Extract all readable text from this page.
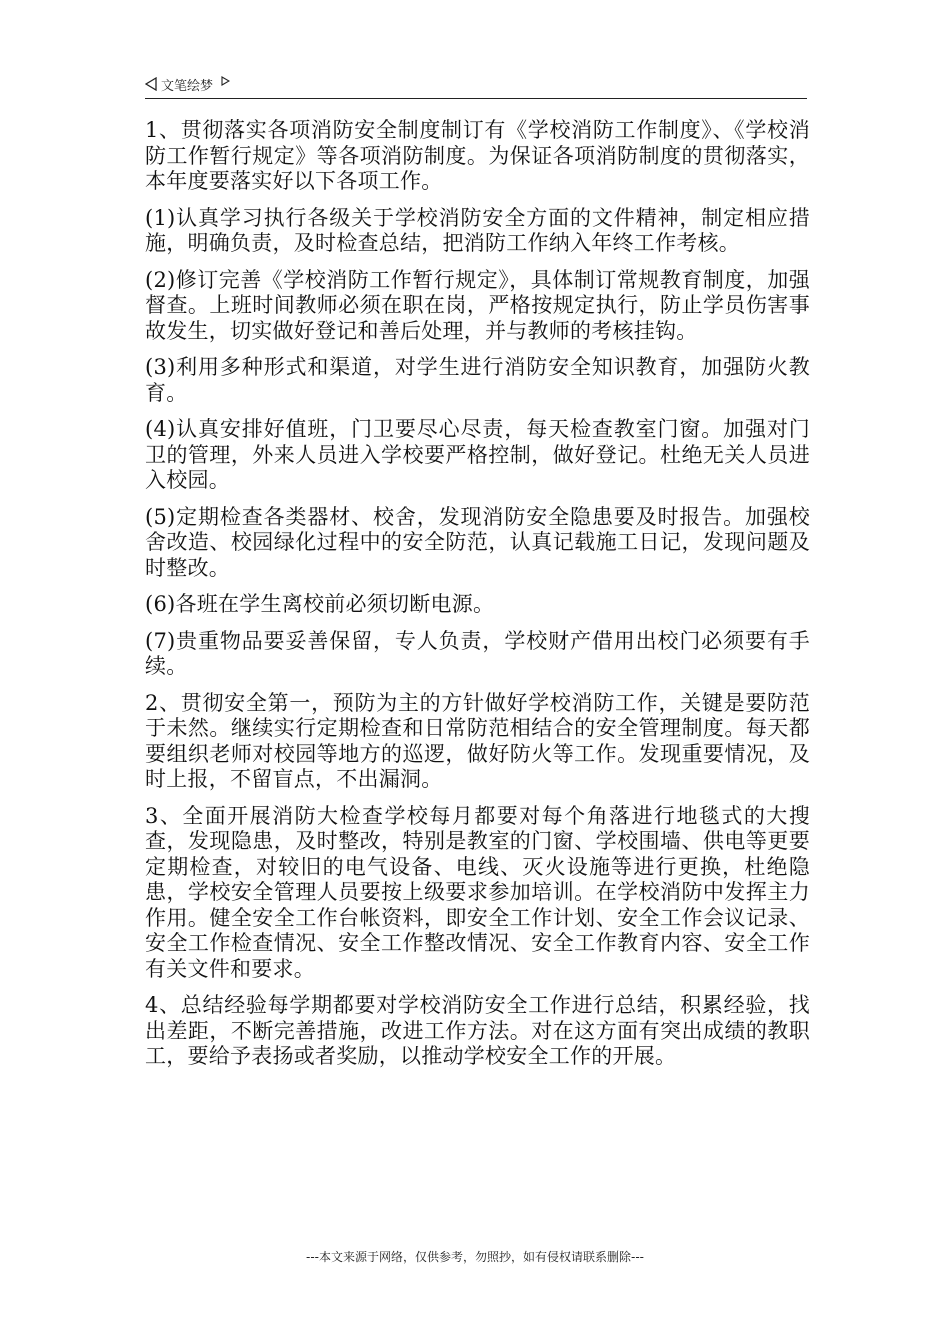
文笔绘梦

1、贯彻落实各项消防安全制度制订有《学校消防工作制度》、《学校消防工作暂行规定》等各项消防制度。为保证各项消防制度的贯彻落实，本年度要落实好以下各项工作。

(1)认真学习执行各级关于学校消防安全方面的文件精神，制定相应措施，明确负责，及时检查总结，把消防工作纳入年终工作考核。

(2)修订完善《学校消防工作暂行规定》，具体制订常规教育制度，加强督查。上班时间教师必须在职在岗，严格按规定执行，防止学员伤害事故发生，切实做好登记和善后处理，并与教师的考核挂钩。

(3)利用多种形式和渠道，对学生进行消防安全知识教育，加强防火教育。

(4)认真安排好值班，门卫要尽心尽责，每天检查教室门窗。加强对门卫的管理，外来人员进入学校要严格控制，做好登记。杜绝无关人员进入校园。

(5)定期检查各类器材、校舍，发现消防安全隐患要及时报告。加强校舍改造、校园绿化过程中的安全防范，认真记载施工日记，发现问题及时整改。

(6)各班在学生离校前必须切断电源。

(7)贵重物品要妥善保留，专人负责，学校财产借用出校门必须要有手续。

2、贯彻安全第一，预防为主的方针做好学校消防工作，关键是要防范于未然。继续实行定期检查和日常防范相结合的安全管理制度。每天都要组织老师对校园等地方的巡逻，做好防火等工作。发现重要情况，及时上报，不留盲点，不出漏洞。

3、全面开展消防大检查学校每月都要对每个角落进行地毯式的大搜查，发现隐患，及时整改，特别是教室的门窗、学校围墙、供电等更要定期检查，对较旧的电气设备、电线、灭火设施等进行更换，杜绝隐患，学校安全管理人员要按上级要求参加培训。在学校消防中发挥主力作用。健全安全工作台帐资料，即安全工作计划、安全工作会议记录、安全工作检查情况、安全工作整改情况、安全工作教育内容、安全工作有关文件和要求。

4、总结经验每学期都要对学校消防安全工作进行总结，积累经验，找出差距，不断完善措施，改进工作方法。对在这方面有突出成绩的教职工，要给予表扬或者奖励，以推动学校安全工作的开展。

---本文来源于网络，仅供参考，勿照抄，如有侵权请联系删除---
